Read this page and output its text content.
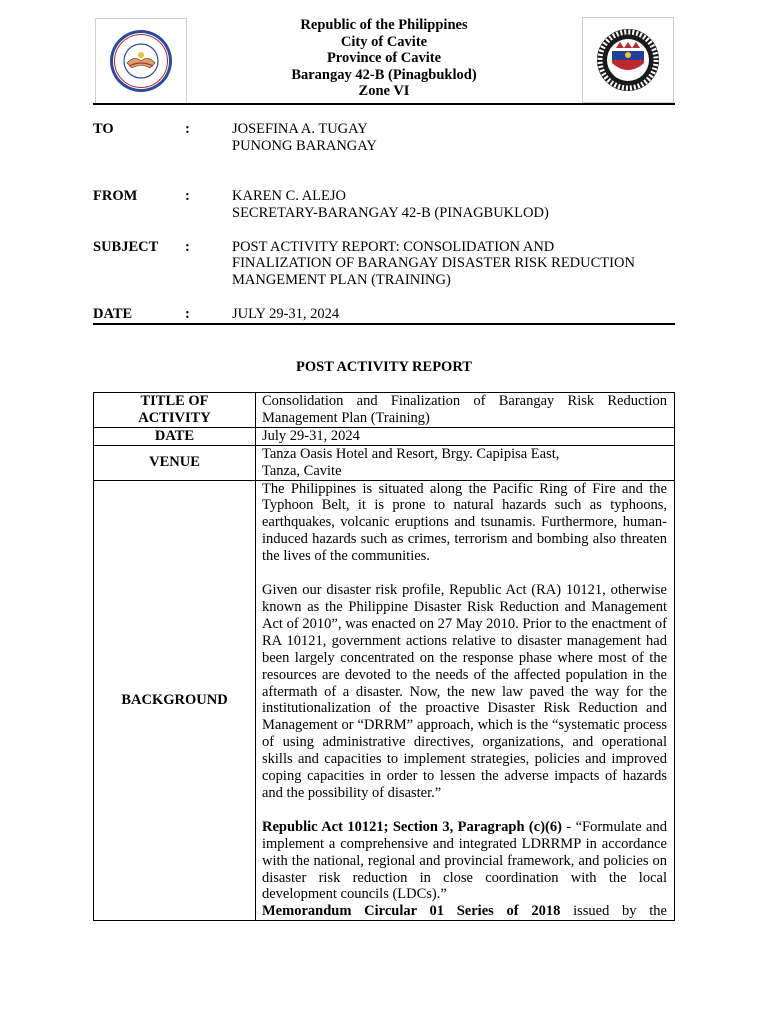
Republic of the Philippines
City of Cavite
Province of Cavite
Barangay 42-B (Pinagbuklod)
Zone VI
TO	:	JOSEFINA A. TUGAY
PUNONG BARANGAY
FROM	:	KAREN C. ALEJO
SECRETARY-BARANGAY 42-B (PINAGBUKLOD)
SUBJECT :	POST ACTIVITY REPORT: CONSOLIDATION AND
FINALIZATION OF BARANGAY DISASTER RISK REDUCTION
MANGEMENT PLAN (TRAINING)
DATE	:	JULY 29-31, 2024
POST ACTIVITY REPORT
TITLE OF
ACTIVITY	Consolidation and Finalization of Barangay Risk Reduction Management Plan (Training)
DATE	July 29-31, 2024
VENUE	Tanza Oasis Hotel and Resort, Brgy. Capipisa East,
Tanza, Cavite

BACKGROUND	The Philippines is situated along the Pacific Ring of Fire and the Typhoon Belt, it is prone to natural hazards such as typhoons, earthquakes, volcanic eruptions and tsunamis. Furthermore, human-induced hazards such as crimes, terrorism and bombing also threaten the lives of the communities.
Given our disaster risk profile, Republic Act (RA) 10121, otherwise known as the Philippine Disaster Risk Reduction and Management Act of 2010”, was enacted on 27 May 2010. Prior to the enactment of RA 10121, government actions relative to disaster management had been largely concentrated on the response phase where most of the resources are devoted to the needs of the affected population in the aftermath of a disaster. Now, the new law paved the way for the institutionalization of the proactive Disaster Risk Reduction and Management or “DRRM” approach, which is the “systematic process of using administrative directives, organizations, and operational skills and capacities to implement strategies, policies and improved coping capacities in order to lessen the adverse impacts of hazards and the possibility of disaster.”
Republic Act 10121; Section 3, Paragraph (c)(6) - “Formulate and implement a comprehensive and integrated LDRRMP in accordance with the national, regional and provincial framework, and policies on disaster risk reduction in close coordination with the local development councils (LDCs).”
Memorandum Circular 01 Series of 2018 issued by the
